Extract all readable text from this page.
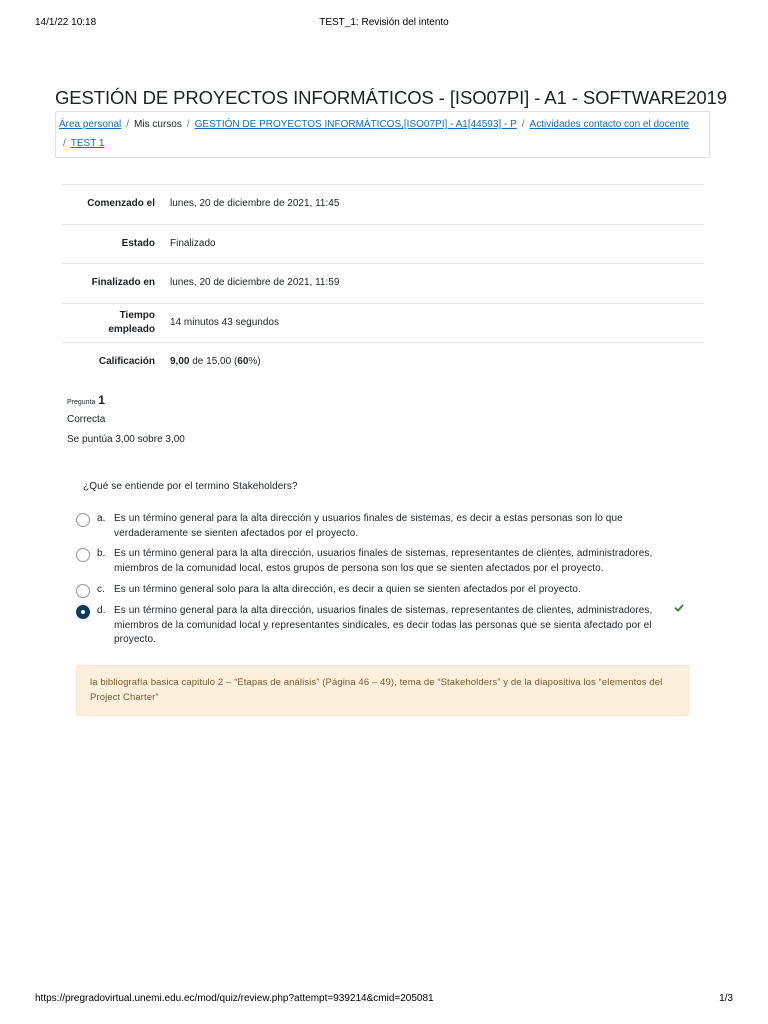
14/1/22 10:18	TEST_1: Revisión del intento
GESTIÓN DE PROYECTOS INFORMÁTICOS - [ISO07PI] - A1 - SOFTWARE2019
Área personal / Mis cursos / GESTIÓN DE PROYECTOS INFORMÁTICOS,[ISO07PI] - A1[44593] - P / Actividades contacto con el docente
/ TEST 1
Comenzado el lunes, 20 de diciembre de 2021, 11:45
Estado Finalizado
Finalizado en lunes, 20 de diciembre de 2021, 11:59
Tiempo empleado
14 minutos 43 segundos
Calificación 9,00 de 15,00 (60%)
Pregunta 1
Correcta
Se puntúa 3,00 sobre 3,00
¿Qué se entiende por el termino Stakeholders?
a. Es un término general para la alta dirección y usuarios finales de sistemas, es decir a estas personas son lo que verdaderamente se sienten afectados por el proyecto.
b. Es un término general para la alta dirección, usuarios finales de sistemas, representantes de clientes, administradores, miembros de la comunidad local, estos grupos de persona son los que se sienten afectados por el proyecto.
c. Es un término general solo para la alta dirección, es decir a quien se sienten afectados por el proyecto.
d. Es un término general para la alta dirección, usuarios finales de sistemas, representantes de clientes, administradores, miembros de la comunidad local y representantes sindicales, es decir todas las personas que se sienta afectado por el proyecto.
la bibliografía basica capitulo 2 – “Etapas de análisis” (Página 46 – 49), tema de “Stakeholders” y de la diapositiva los “elementos del Project Charter”
https://pregradovirtual.unemi.edu.ec/mod/quiz/review.php?attempt=939214&cmid=205081	1/3
